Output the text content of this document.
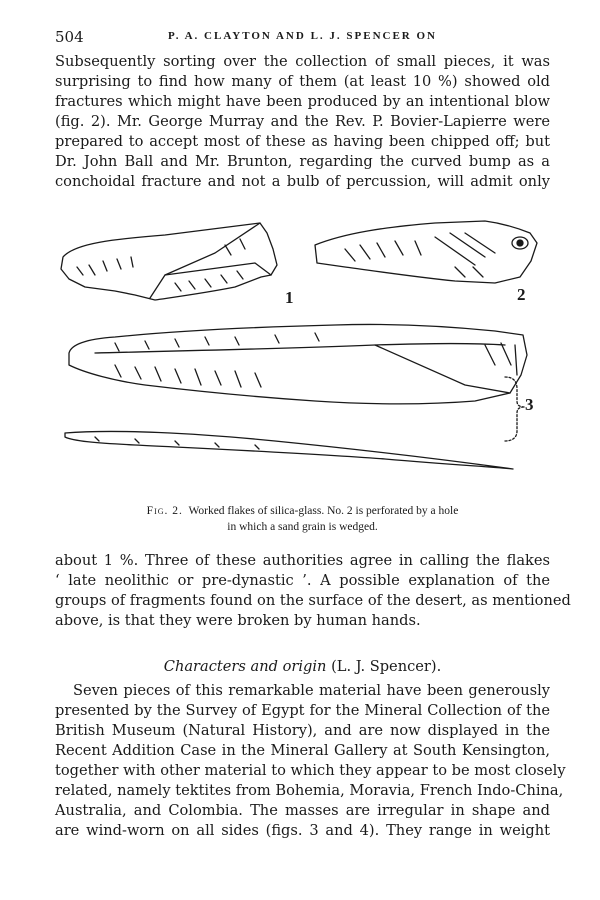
504	P. A. CLAYTON AND L. J. SPENCER ON

Subsequently sorting over the collection of small pieces, it was
surprising to find how many of them (at least 10 %) showed old
fractures which might have been produced by an intentional blow
(fig. 2). Mr. George Murray and the Rev. P. Bovier-Lapierre were
prepared to accept most of these as having been chipped off; but
Dr. John Ball and Mr. Brunton, regarding the curved bump as a
conchoidal fracture and not a bulb of percussion, will admit only

1	2
3
Fig. 2. Worked flakes of silica-glass. No. 2 is perforated by a hole
in which a sand grain is wedged.

about 1 %. Three of these authorities agree in calling the flakes
‘ late neolithic or pre-dynastic ’. A possible explanation of the
groups of fragments found on the surface of the desert, as mentioned
above, is that they were broken by human hands.

Characters and origin (L. J. Spencer).

Seven pieces of this remarkable material have been generously
presented by the Survey of Egypt for the Mineral Collection of the
British Museum (Natural History), and are now displayed in the
Recent Addition Case in the Mineral Gallery at South Kensington,
together with other material to which they appear to be most closely
related, namely tektites from Bohemia, Moravia, French Indo-China,
Australia, and Colombia. The masses are irregular in shape and
are wind-worn on all sides (figs. 3 and 4). They range in weight
